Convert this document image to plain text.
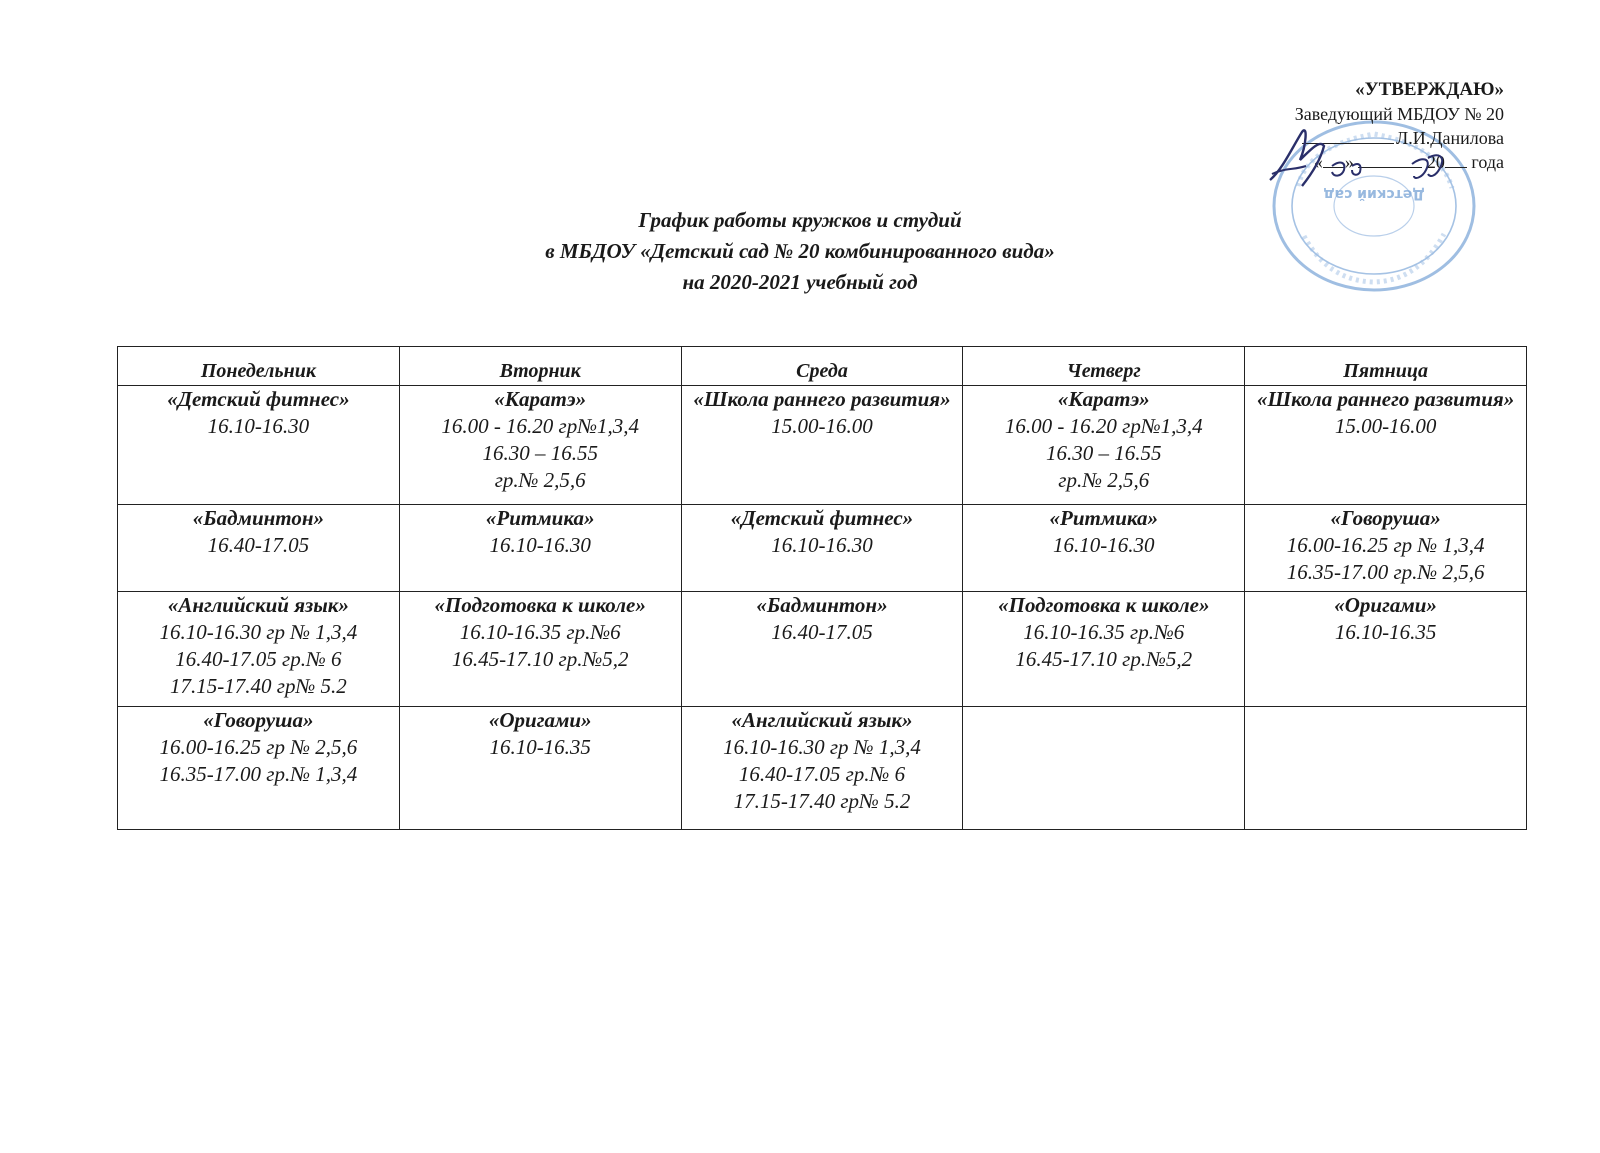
«УТВЕРЖДАЮ»
Заведующий МБДОУ № 20
Л.И.Данилова
« »	20 года
Детский сад
График работы кружков и студий
в МБДОУ «Детский сад № 20 комбинированного вида»
на 2020-2021 учебный год
Понедельник	Вторник	Среда	Четверг	Пятница

«Детский фитнес»
16.10-16.30	«Каратэ»
16.00 - 16.20 гр№1,3,4
16.30 – 16.55
гр.№ 2,5,6	«Школа раннего развития»
15.00-16.00	«Каратэ»
16.00 - 16.20 гр№1,3,4
16.30 – 16.55
гр.№ 2,5,6	«Школа раннего развития»
15.00-16.00

«Бадминтон»
16.40-17.05	«Ритмика»
16.10-16.30	«Детский фитнес»
16.10-16.30	«Ритмика»
16.10-16.30	«Говоруша»
16.00-16.25 гр № 1,3,4
16.35-17.00 гр.№ 2,5,6

«Английский язык»
16.10-16.30 гр № 1,3,4
16.40-17.05 гр.№ 6
17.15-17.40 гр№ 5.2	«Подготовка к школе»
16.10-16.35 гр.№6
16.45-17.10 гр.№5,2	«Бадминтон»
16.40-17.05	«Подготовка к школе»
16.10-16.35 гр.№6
16.45-17.10 гр.№5,2	«Оригами»
16.10-16.35

«Говоруша»
16.00-16.25 гр № 2,5,6
16.35-17.00 гр.№ 1,3,4	«Оригами»
16.10-16.35	«Английский язык»
16.10-16.30 гр № 1,3,4
16.40-17.05 гр.№ 6
17.15-17.40 гр№ 5.2		
